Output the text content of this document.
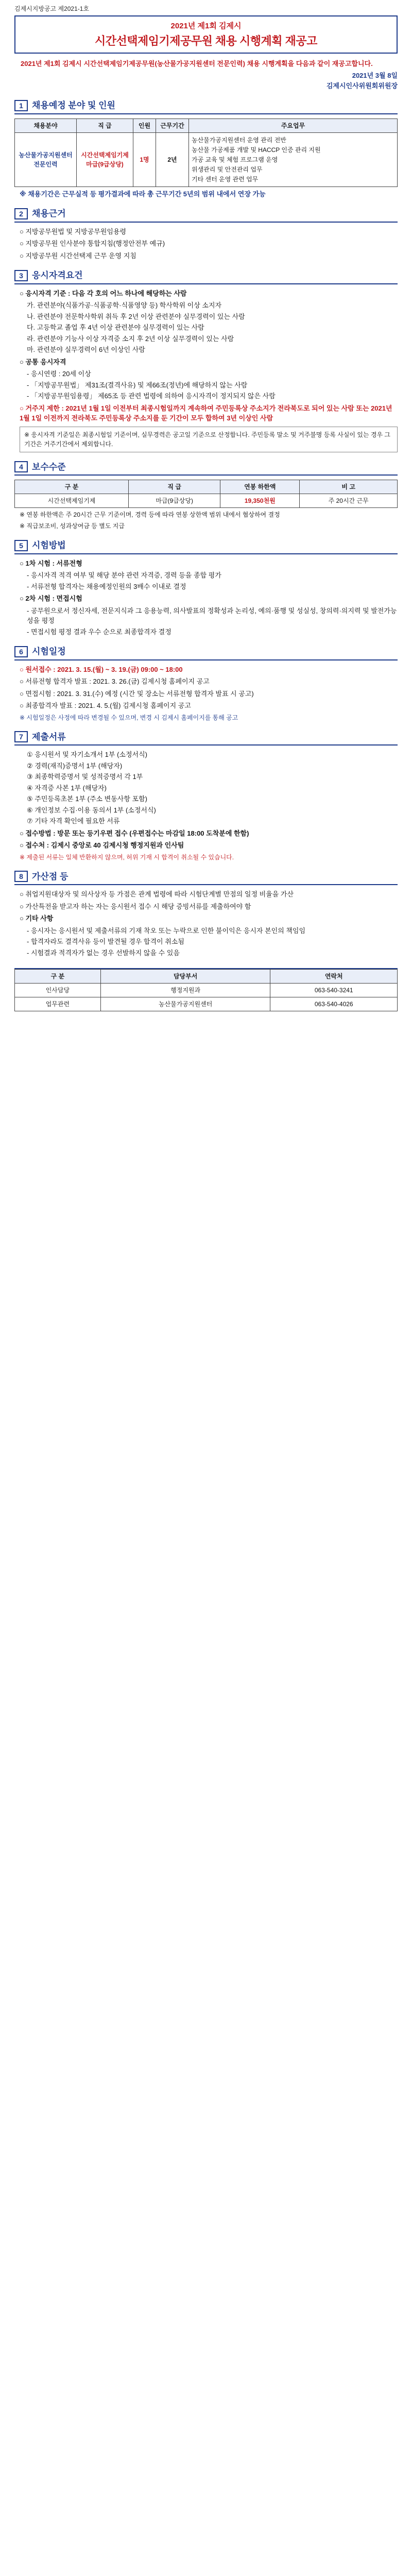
김제시지방공고 제2021-1호
2021년 제1회 김제시
시간선택제임기제공무원 채용 시행계획 재공고
2021년 제1회 김제시 시간선택제임기제공무원(농산물가공지원센터 전문인력) 채용 시행계획을 다음과 같이 재공고합니다.
2021년 3월 8일
김제시인사위원회위원장
1	채용예정 분야 및 인원
채용분야	직 급	인원	근무기간	주요업무
농산물가공지원센터 전문인력	시간선택제임기제 마급(9급상당)	1명	2년	농산물가공지원센터 운영 관리 전반
농산물 가공제품 개발 및 HACCP 인증 관리 지원
가공 교육 및 체험 프로그램 운영
위생관리 및 안전관리 업무
기타 센터 운영 관련 업무
※ 채용기간은 근무실적 등 평가결과에 따라 총 근무기간 5년의 범위 내에서 연장 가능
2	채용근거
○ 지방공무원법 및 지방공무원임용령
○ 지방공무원 인사분야 통합지침(행정안전부 예규)
○ 지방공무원 시간선택제 근무 운영 지침
3	응시자격요건
○ 응시자격 기준 : 다음 각 호의 어느 하나에 해당하는 사람
가. 관련분야(식품가공·식품공학·식품영양 등) 학사학위 이상 소지자
나. 관련분야 전문학사학위 취득 후 2년 이상 관련분야 실무경력이 있는 사람
다. 고등학교 졸업 후 4년 이상 관련분야 실무경력이 있는 사람
라. 관련분야 기능사 이상 자격증 소지 후 2년 이상 실무경력이 있는 사람
마. 관련분야 실무경력이 6년 이상인 사람
○ 공통 응시자격
- 응시연령 : 20세 이상
- 「지방공무원법」 제31조(결격사유) 및 제66조(정년)에 해당하지 않는 사람
- 「지방공무원임용령」 제65조 등 관련 법령에 의하여 응시자격이 정지되지 않은 사람
○ 거주지 제한 : 2021년 1월 1일 이전부터 최종시험일까지 계속하여 주민등록상 주소지가 전라북도로 되어 있는 사람 또는 2021년 1월 1일 이전까지 전라북도 주민등록상 주소지를 둔 기간이 모두 합하여 3년 이상인 사람
※ 응시자격 기준일은 최종시험일 기준이며, 실무경력은 공고일 기준으로 산정합니다. 주민등록 말소 및 거주불명 등록 사실이 있는 경우 그 기간은 거주기간에서 제외합니다.
4	보수수준
구 분	직 급	연봉 하한액	비 고
시간선택제임기제	마급(9급상당)	19,350천원	주 20시간 근무
※ 연봉 하한액은 주 20시간 근무 기준이며, 경력 등에 따라 연봉 상한액 범위 내에서 협상하여 결정
※ 직급보조비, 성과상여금 등 별도 지급
5	시험방법
○ 1차 시험 : 서류전형
- 응시자격 적격 여부 및 해당 분야 관련 자격증, 경력 등을 종합 평가
- 서류전형 합격자는 채용예정인원의 3배수 이내로 결정
○ 2차 시험 : 면접시험
- 공무원으로서 정신자세, 전문지식과 그 응용능력, 의사발표의 정확성과 논리성, 예의·품행 및 성실성, 창의력·의지력 및 발전가능성을 평정
- 면접시험 평정 결과 우수 순으로 최종합격자 결정
6	시험일정
○ 원서접수 : 2021. 3. 15.(월) ~ 3. 19.(금) 09:00 ~ 18:00
○ 서류전형 합격자 발표 : 2021. 3. 26.(금) 김제시청 홈페이지 공고
○ 면접시험 : 2021. 3. 31.(수) 예정 (시간 및 장소는 서류전형 합격자 발표 시 공고)
○ 최종합격자 발표 : 2021. 4. 5.(월) 김제시청 홈페이지 공고
※ 시험일정은 사정에 따라 변경될 수 있으며, 변경 시 김제시 홈페이지를 통해 공고
7	제출서류
① 응시원서 및 자기소개서 1부 (소정서식)
② 경력(재직)증명서 1부 (해당자)
③ 최종학력증명서 및 성적증명서 각 1부
④ 자격증 사본 1부 (해당자)
⑤ 주민등록초본 1부 (주소 변동사항 포함)
⑥ 개인정보 수집·이용 동의서 1부 (소정서식)
⑦ 기타 자격 확인에 필요한 서류
○ 접수방법 : 방문 또는 등기우편 접수 (우편접수는 마감일 18:00 도착분에 한함)
○ 접수처 : 김제시 중앙로 40 김제시청 행정지원과 인사팀
※ 제출된 서류는 일체 반환하지 않으며, 허위 기재 시 합격이 취소될 수 있습니다.
8	가산점 등
○ 취업지원대상자 및 의사상자 등 가점은 관계 법령에 따라 시험단계별 만점의 일정 비율을 가산
○ 가산특전을 받고자 하는 자는 응시원서 접수 시 해당 증빙서류를 제출하여야 함
○ 기타 사항
- 응시자는 응시원서 및 제출서류의 기재 착오 또는 누락으로 인한 불이익은 응시자 본인의 책임임
- 합격자라도 결격사유 등이 발견될 경우 합격이 취소됨
- 시험결과 적격자가 없는 경우 선발하지 않을 수 있음
구 분	담당부서	연락처
인사담당	행정지원과	063-540-3241
업무관련	농산물가공지원센터	063-540-4026
